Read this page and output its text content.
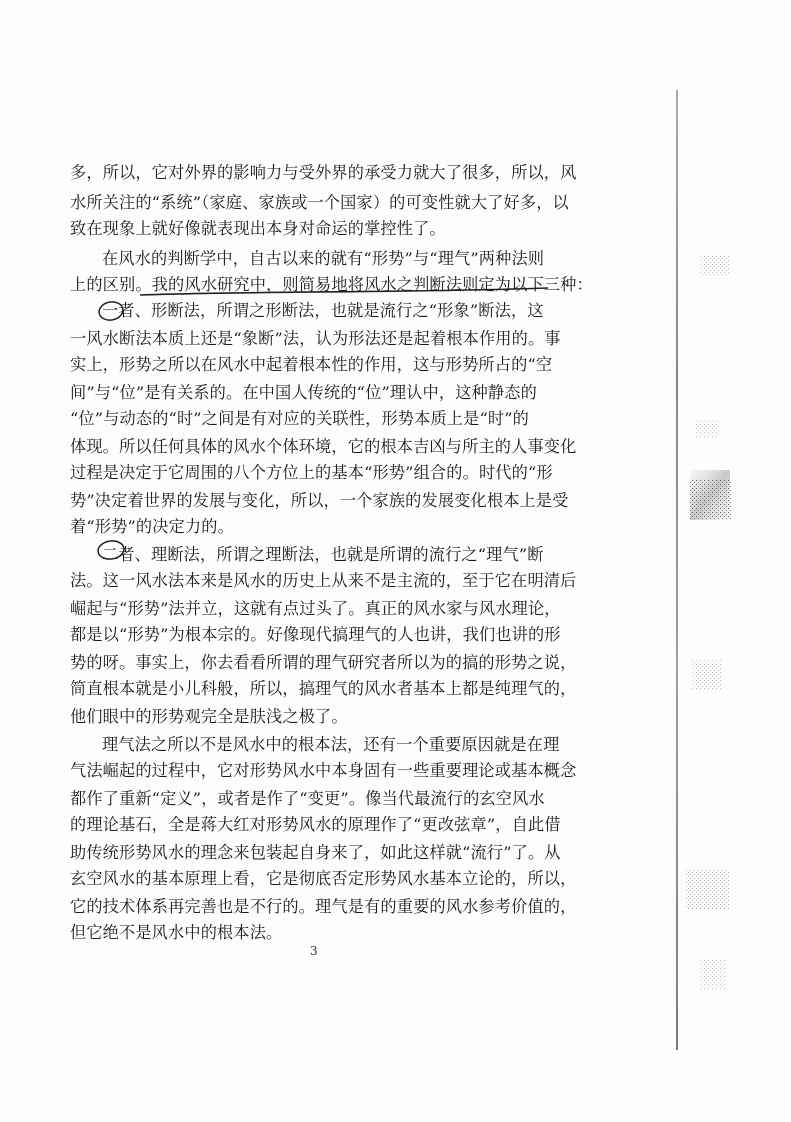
多，所以，它对外界的影响力与受外界的承受力就大了很多，所以，风
水所关注的“系统”（家庭、家族或一个国家）的可变性就大了好多，以
致在现象上就好像就表现出本身对命运的掌控性了。
在风水的判断学中，自古以来的就有“形势”与“理气”两种法则
上的区别。我的风水研究中，则简易地将风水之判断法则定为以下三种：
一者、形断法，所谓之形断法，也就是流行之“形象”断法，这
一风水断法本质上还是“象断”法，认为形法还是起着根本作用的。事
实上，形势之所以在风水中起着根本性的作用，这与形势所占的“空
间”与“位”是有关系的。在中国人传统的“位”理认中，这种静态的
“位”与动态的“时”之间是有对应的关联性，形势本质上是“时”的
体现。所以任何具体的风水个体环境，它的根本吉凶与所主的人事变化
过程是决定于它周围的八个方位上的基本“形势”组合的。时代的“形
势”决定着世界的发展与变化，所以，一个家族的发展变化根本上是受
着“形势”的决定力的。
二者、理断法，所谓之理断法，也就是所谓的流行之“理气”断
法。这一风水法本来是风水的历史上从来不是主流的，至于它在明清后
崛起与“形势”法并立，这就有点过头了。真正的风水家与风水理论，
都是以“形势”为根本宗的。好像现代搞理气的人也讲，我们也讲的形
势的呀。事实上，你去看看所谓的理气研究者所以为的搞的形势之说，
简直根本就是小儿科般，所以，搞理气的风水者基本上都是纯理气的，
他们眼中的形势观完全是肤浅之极了。
理气法之所以不是风水中的根本法，还有一个重要原因就是在理
气法崛起的过程中，它对形势风水中本身固有一些重要理论或基本概念
都作了重新“定义”，或者是作了“变更”。像当代最流行的玄空风水
的理论基石，全是蒋大红对形势风水的原理作了“更改弦章”，自此借
助传统形势风水的理念来包装起自身来了，如此这样就“流行”了。从
玄空风水的基本原理上看，它是彻底否定形势风水基本立论的，所以，
它的技术体系再完善也是不行的。理气是有的重要的风水参考价值的，
但它绝不是风水中的根本法。
3
